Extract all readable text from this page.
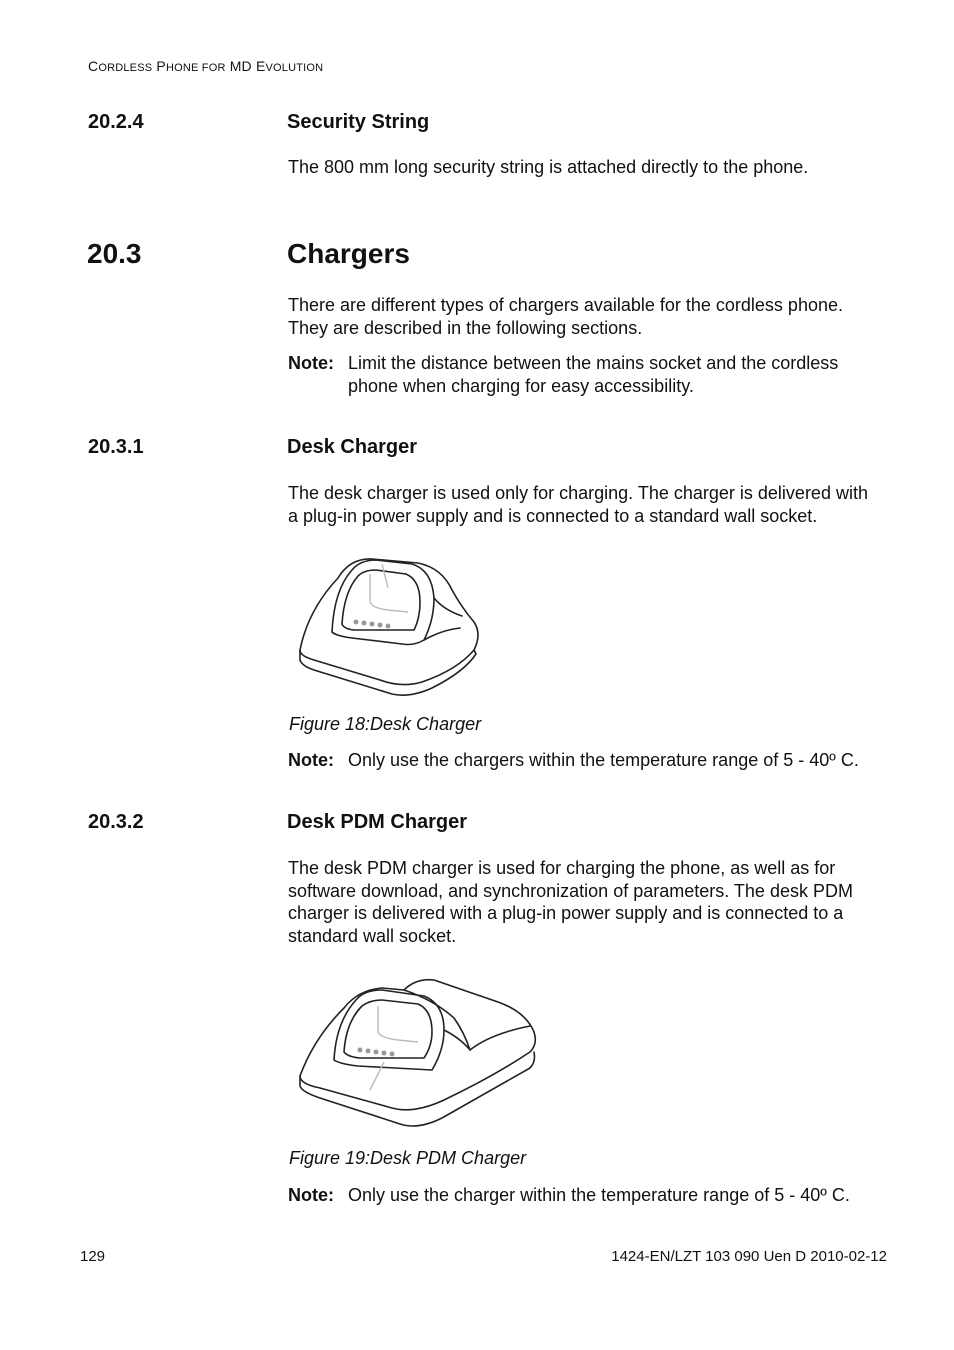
CORDLESS PHONE FOR MD EVOLUTION
20.2.4	Security String
The 800 mm long security string is attached directly to the phone.
20.3	Chargers
There are different types of chargers available for the cordless phone.
They are described in the following sections.
Note: Limit the distance between the mains socket and the cordless
phone when charging for easy accessibility.
20.3.1	Desk Charger
The desk charger is used only for charging. The charger is delivered with
a plug-in power supply and is connected to a standard wall socket.
Figure 18:Desk Charger
Note: Only use the chargers within the temperature range of 5 - 40º C.
20.3.2	Desk PDM Charger
The desk PDM charger is used for charging the phone, as well as for
software download, and synchronization of parameters. The desk PDM
charger is delivered with a plug-in power supply and is connected to a
standard wall socket.
Figure 19:Desk PDM Charger
Note: Only use the charger within the temperature range of 5 - 40º C.
129	1424-EN/LZT 103 090 Uen D 2010-02-12
